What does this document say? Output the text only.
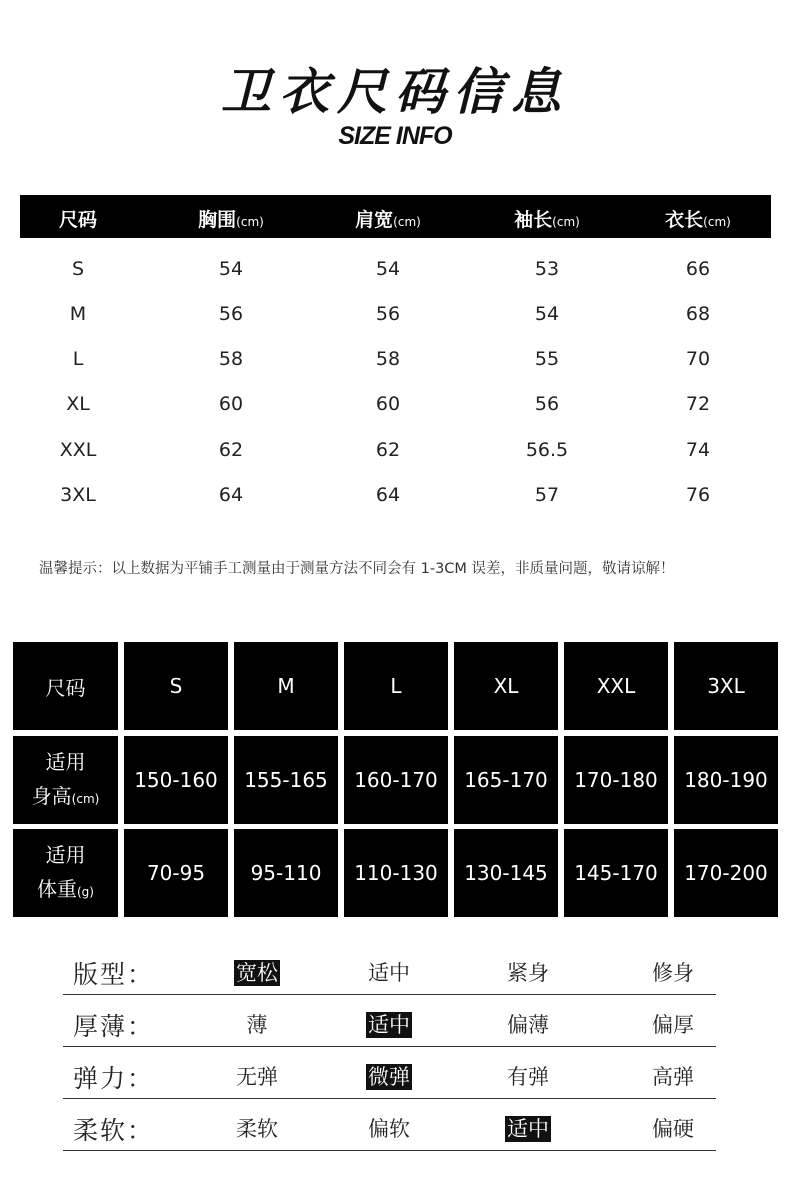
卫衣尺码信息
SIZE INFO
尺码	胸围(cm)	肩宽(cm)	袖长(cm)	衣长(cm)
S	54	54	53	66
M	56	56	54	68
L	58	58	55	70
XL	60	60	56	72
XXL	62	62	56.5	74
3XL	64	64	57	76
温馨提示：以上数据为平铺手工测量由于测量方法不同会有 1-3CM 误差，非质量问题，敬请谅解！
尺码	S	M	L	XL	XXL	3XL
适用
身高(cm)
150-160	155-165	160-170	165-170	170-180	180-190
适用
体重(g)
70-95	95-110	110-130	130-145	145-170	170-200
版型：	宽松	适中	紧身	修身
厚薄：	薄	适中	偏薄	偏厚
弹力：	无弹	微弹	有弹	高弹
柔软：	柔软	偏软	适中	偏硬
